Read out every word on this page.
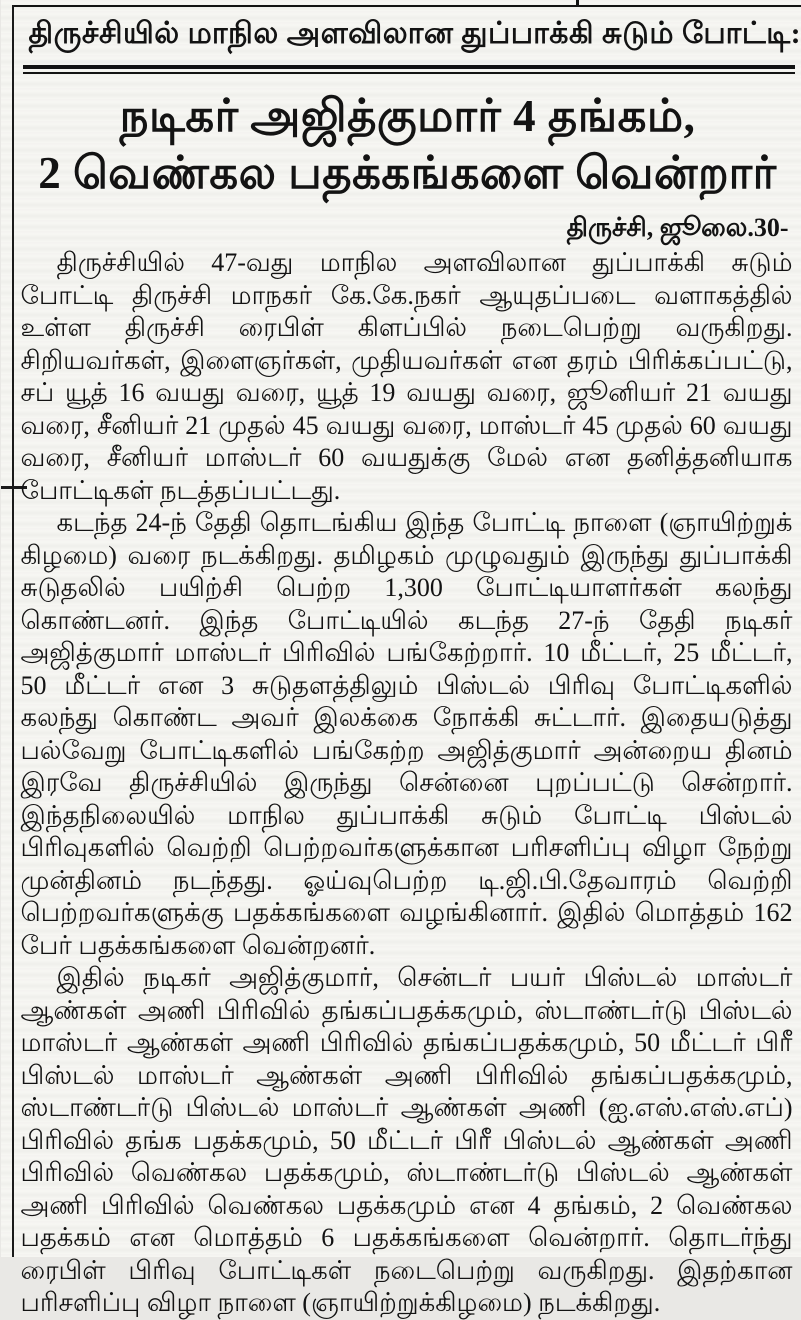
திருச்சியில் மாநில அளவிலான துப்பாக்கி சுடும் போட்டி:
நடிகர் அஜித்குமார் 4 தங்கம்,
2 வெண்கல பதக்கங்களை வென்றார்
திருச்சி, ஜூலை.30-

திருச்சியில் 47-வது மாநில அளவிலான துப்பாக்கி சுடும் போட்டி திருச்சி மாநகர் கே.கே.நகர் ஆயுதப்படை வளாகத்தில் உள்ள திருச்சி ரைபிள் கிளப்பில் நடைபெற்று வருகிறது. சிறியவர்கள், இளைஞர்கள், முதியவர்கள் என தரம் பிரிக்கப்பட்டு, சப் யூத் 16 வயது வரை, யூத் 19 வயது வரை, ஜூனியர் 21 வயது வரை, சீனியர் 21 முதல் 45 வயது வரை, மாஸ்டர் 45 முதல் 60 வயது வரை, சீனியர் மாஸ்டர் 60 வயதுக்கு மேல் என தனித்தனியாக போட்டிகள் நடத்தப்பட்டது.

கடந்த 24-ந் தேதி தொடங்கிய இந்த போட்டி நாளை (ஞாயிற்றுக் கிழமை) வரை நடக்கிறது. தமிழகம் முழுவதும் இருந்து துப்பாக்கி சுடுதலில் பயிற்சி பெற்ற 1,300 போட்டியாளர்கள் கலந்து கொண்டனர். இந்த போட்டியில் கடந்த 27-ந் தேதி நடிகர் அஜித்குமார் மாஸ்டர் பிரிவில் பங்கேற்றார். 10 மீட்டர், 25 மீட்டர், 50 மீட்டர் என 3 சுடுதளத்திலும் பிஸ்டல் பிரிவு போட்டிகளில் கலந்து கொண்ட அவர் இலக்கை நோக்கி சுட்டார். இதையடுத்து பல்வேறு போட்டிகளில் பங்கேற்ற அஜித்குமார் அன்றைய தினம் இரவே திருச்சியில் இருந்து சென்னை புறப்பட்டு சென்றார். இந்தநிலையில் மாநில துப்பாக்கி சுடும் போட்டி பிஸ்டல் பிரிவுகளில் வெற்றி பெற்றவர்களுக்கான பரிசளிப்பு விழா நேற்று முன்தினம் நடந்தது. ஓய்வுபெற்ற டி.ஜி.பி.தேவாரம் வெற்றி பெற்றவர்களுக்கு பதக்கங்களை வழங்கினார். இதில் மொத்தம் 162 பேர் பதக்கங்களை வென்றனர்.

இதில் நடிகர் அஜித்குமார், சென்டர் பயர் பிஸ்டல் மாஸ்டர் ஆண்கள் அணி பிரிவில் தங்கப்பதக்கமும், ஸ்டாண்டர்டு பிஸ்டல் மாஸ்டர் ஆண்கள் அணி பிரிவில் தங்கப்பதக்கமும், 50 மீட்டர் பிரீ பிஸ்டல் மாஸ்டர் ஆண்கள் அணி பிரிவில் தங்கப்பதக்கமும், ஸ்டாண்டர்டு பிஸ்டல் மாஸ்டர் ஆண்கள் அணி (ஐ.எஸ்.எஸ்.எப்) பிரிவில் தங்க பதக்கமும், 50 மீட்டர் பிரீ பிஸ்டல் ஆண்கள் அணி பிரிவில் வெண்கல பதக்கமும், ஸ்டாண்டர்டு பிஸ்டல் ஆண்கள் அணி பிரிவில் வெண்கல பதக்கமும் என 4 தங்கம், 2 வெண்கல பதக்கம் என மொத்தம் 6 பதக்கங்களை வென்றார். தொடர்ந்து ரைபிள் பிரிவு போட்டிகள் நடைபெற்று வருகிறது. இதற்கான பரிசளிப்பு விழா நாளை (ஞாயிற்றுக்கிழமை) நடக்கிறது.
